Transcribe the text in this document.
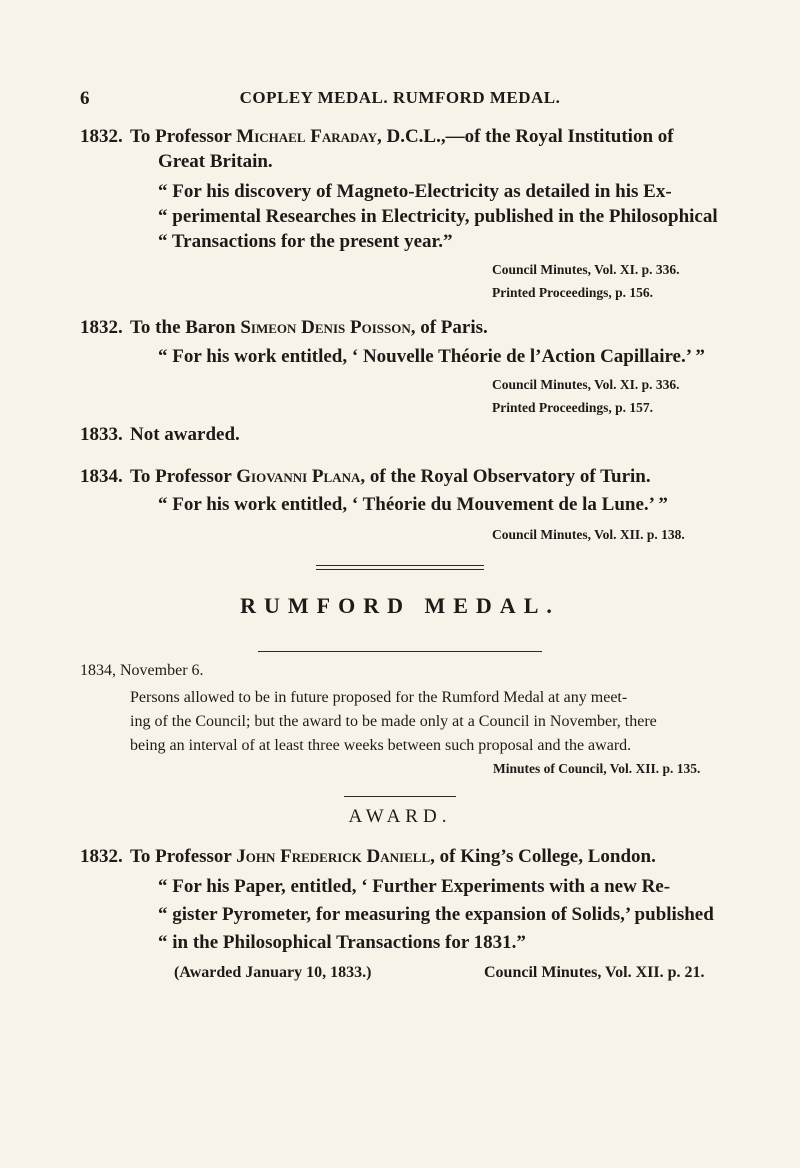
6	COPLEY MEDAL. RUMFORD MEDAL.
1832. To Professor Michael Faraday, D.C.L.,—of the Royal Institution of
Great Britain.
“ For his discovery of Magneto-Electricity as detailed in his Ex-
“ perimental Researches in Electricity, published in the Philosophical
“ Transactions for the present year.”
Council Minutes, Vol. XI. p. 336.
Printed Proceedings, p. 156.
1832. To the Baron Simeon Denis Poisson, of Paris.
“ For his work entitled, ‘ Nouvelle Théorie de l’Action Capillaire.’ ”
Council Minutes, Vol. XI. p. 336.
Printed Proceedings, p. 157.
1833. Not awarded.
1834. To Professor Giovanni Plana, of the Royal Observatory of Turin.
“ For his work entitled, ‘ Théorie du Mouvement de la Lune.’ ”
Council Minutes, Vol. XII. p. 138.
RUMFORD MEDAL.
1834, November 6.
Persons allowed to be in future proposed for the Rumford Medal at any meet-
ing of the Council; but the award to be made only at a Council in November, there
being an interval of at least three weeks between such proposal and the award.
Minutes of Council, Vol. XII. p. 135.
AWARD.
1832. To Professor John Frederick Daniell, of King’s College, London.
“ For his Paper, entitled, ‘ Further Experiments with a new Re-
“ gister Pyrometer, for measuring the expansion of Solids,’ published
“ in the Philosophical Transactions for 1831.”
(Awarded January 10, 1833.)	Council Minutes, Vol. XII. p. 21.
